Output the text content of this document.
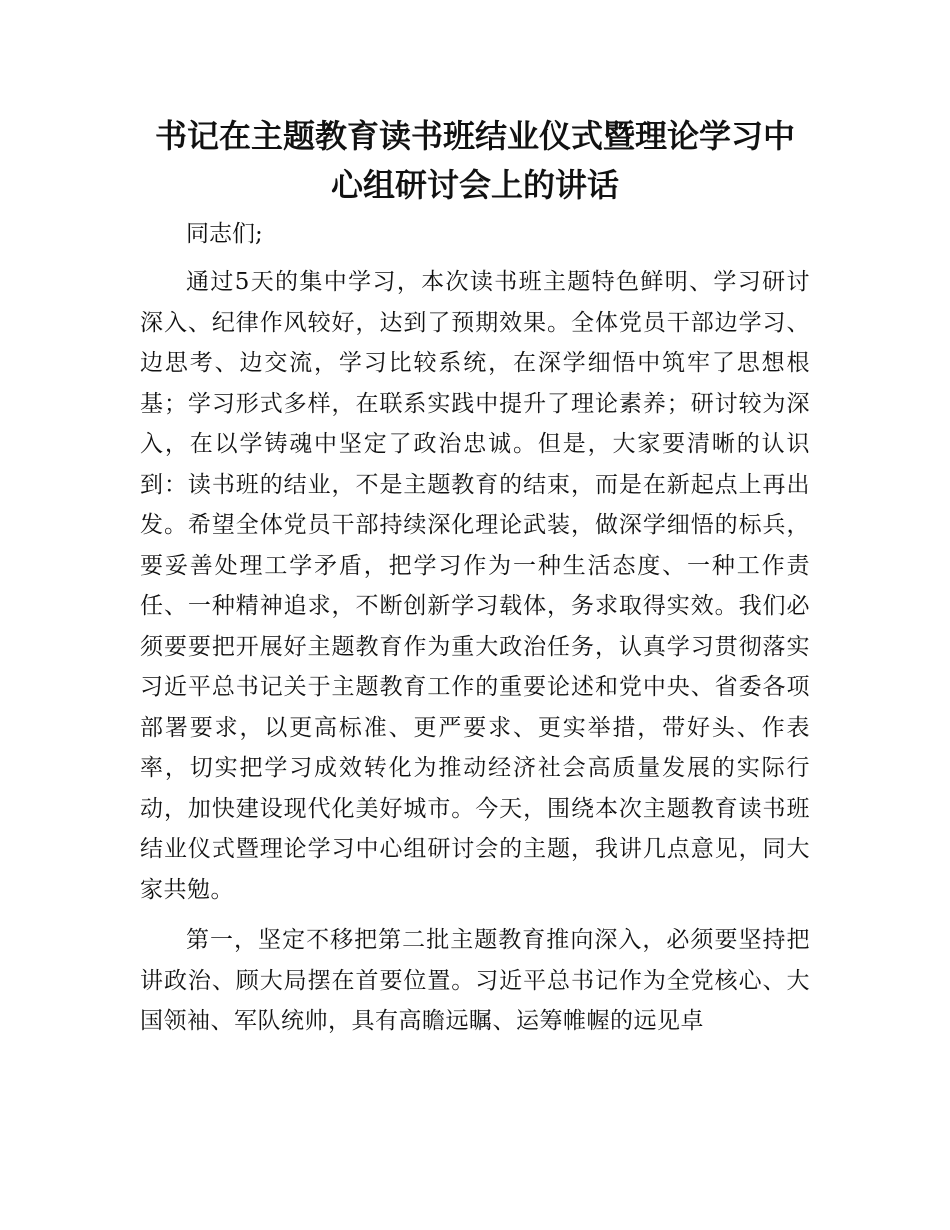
书记在主题教育读书班结业仪式暨理论学习中心组研讨会上的讲话

同志们;

通过5天的集中学习，本次读书班主题特色鲜明、学习研讨深入、纪律作风较好，达到了预期效果。全体党员干部边学习、边思考、边交流，学习比较系统，在深学细悟中筑牢了思想根基；学习形式多样，在联系实践中提升了理论素养；研讨较为深入，在以学铸魂中坚定了政治忠诚。但是，大家要清晰的认识到：读书班的结业，不是主题教育的结束，而是在新起点上再出发。希望全体党员干部持续深化理论武装，做深学细悟的标兵，要妥善处理工学矛盾，把学习作为一种生活态度、一种工作责任、一种精神追求，不断创新学习载体，务求取得实效。我们必须要要把开展好主题教育作为重大政治任务，认真学习贯彻落实习近平总书记关于主题教育工作的重要论述和党中央、省委各项部署要求，以更高标准、更严要求、更实举措，带好头、作表率，切实把学习成效转化为推动经济社会高质量发展的实际行动，加快建设现代化美好城市。今天，围绕本次主题教育读书班结业仪式暨理论学习中心组研讨会的主题，我讲几点意见，同大家共勉。

第一，坚定不移把第二批主题教育推向深入，必须要坚持把讲政治、顾大局摆在首要位置。习近平总书记作为全党核心、大国领袖、军队统帅，具有高瞻远瞩、运筹帷幄的远见卓
